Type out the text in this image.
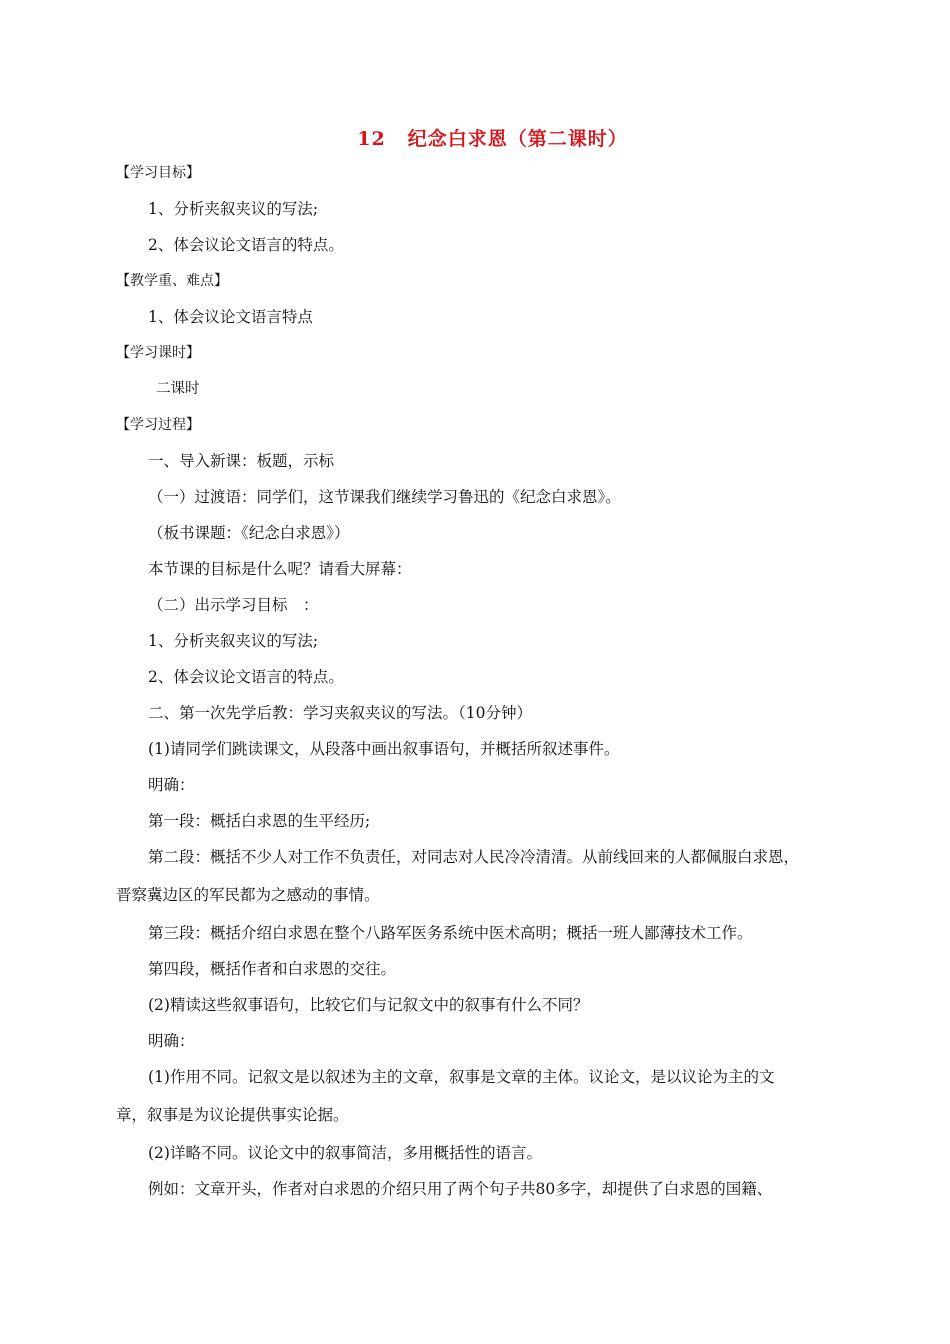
12 纪念白求恩（第二课时）
【学习目标】
1、分析夹叙夹议的写法;
2、体会议论文语言的特点。
【教学重、难点】
1、体会议论文语言特点
【学习课时】
二课时
【学习过程】
一、导入新课：板题，示标
（一）过渡语：同学们，这节课我们继续学习鲁迅的《纪念白求恩》。
（板书课题：《纪念白求恩》）
本节课的目标是什么呢？请看大屏幕：
（二）出示学习目标　：
1、分析夹叙夹议的写法;
2、体会议论文语言的特点。
二、第一次先学后教：学习夹叙夹议的写法。（10分钟）
(1)请同学们跳读课文，从段落中画出叙事语句，并概括所叙述事件。
明确：
第一段：概括白求恩的生平经历;
第二段：概括不少人对工作不负责任，对同志对人民冷冷清清。从前线回来的人都佩服白求恩，
晋察冀边区的军民都为之感动的事情。
第三段：概括介绍白求恩在整个八路军医务系统中医术高明；概括一班人鄙薄技术工作。
第四段，概括作者和白求恩的交往。
(2)精读这些叙事语句，比较它们与记叙文中的叙事有什么不同？
明确：
(1)作用不同。记叙文是以叙述为主的文章，叙事是文章的主体。议论文，是以议论为主的文
章，叙事是为议论提供事实论据。
(2)详略不同。议论文中的叙事简洁，多用概括性的语言。
例如：文章开头，作者对白求恩的介绍只用了两个句子共80多字，却提供了白求恩的国籍、
